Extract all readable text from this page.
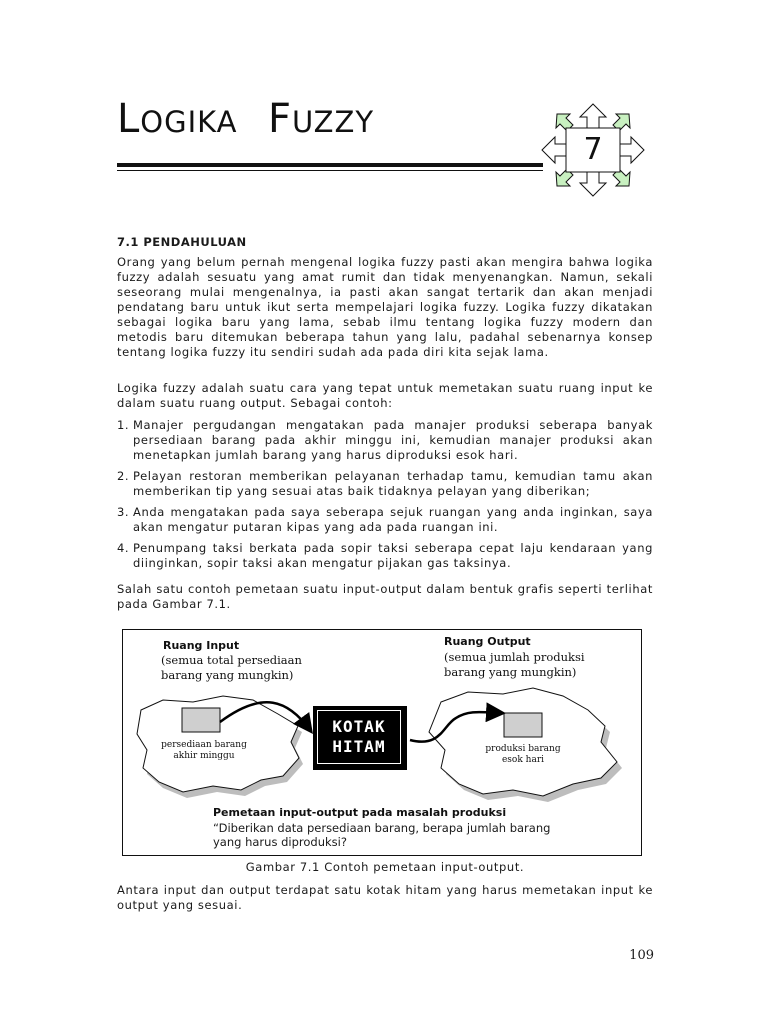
LOGIKA FUZZY
7
7.1 PENDAHULUAN
Orang yang belum pernah mengenal logika fuzzy pasti akan mengira bahwa logika fuzzy adalah sesuatu yang amat rumit dan tidak menyenangkan. Namun, sekali seseorang mulai mengenalnya, ia pasti akan sangat tertarik dan akan menjadi pendatang baru untuk ikut serta mempelajari logika fuzzy. Logika fuzzy dikatakan sebagai logika baru yang lama, sebab ilmu tentang logika fuzzy modern dan metodis baru ditemukan beberapa tahun yang lalu, padahal sebenarnya konsep tentang logika fuzzy itu sendiri sudah ada pada diri kita sejak lama.
Logika fuzzy adalah suatu cara yang tepat untuk memetakan suatu ruang input ke dalam suatu ruang output. Sebagai contoh:
1. Manajer pergudangan mengatakan pada manajer produksi seberapa banyak persediaan barang pada akhir minggu ini, kemudian manajer produksi akan menetapkan jumlah barang yang harus diproduksi esok hari.
2. Pelayan restoran memberikan pelayanan terhadap tamu, kemudian tamu akan memberikan tip yang sesuai atas baik tidaknya pelayan yang diberikan;
3. Anda mengatakan pada saya seberapa sejuk ruangan yang anda inginkan, saya akan mengatur putaran kipas yang ada pada ruangan ini.
4. Penumpang taksi berkata pada sopir taksi seberapa cepat laju kendaraan yang diinginkan, sopir taksi akan mengatur pijakan gas taksinya.
Salah satu contoh pemetaan suatu input-output dalam bentuk grafis seperti terlihat pada Gambar 7.1.
Ruang Input
(semua total persediaan
barang yang mungkin)
Ruang Output
(semua jumlah produksi
barang yang mungkin)
persediaan barang
akhir minggu
produksi barang
esok hari
Pemetaan input-output pada masalah produksi
“Diberikan data persediaan barang, berapa jumlah barang
yang harus diproduksi?
KOTAK
HITAM
Gambar 7.1 Contoh pemetaan input-output.
Antara input dan output terdapat satu kotak hitam yang harus memetakan input ke output yang sesuai.
109
